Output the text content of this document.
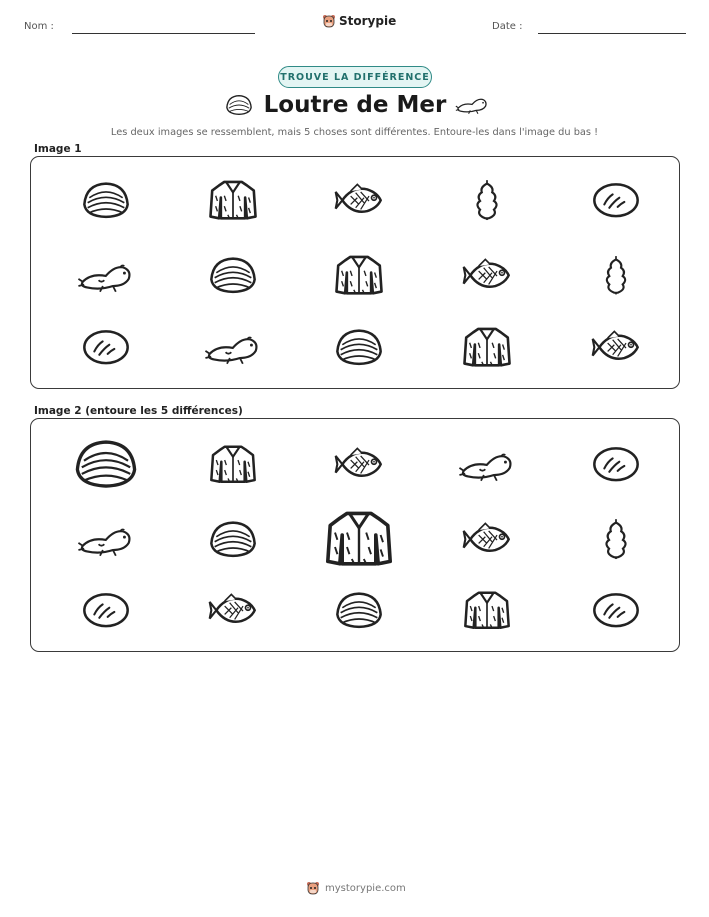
Nom :	Storypie	Date :
TROUVE LA DIFFÉRENCE
Loutre de Mer
Les deux images se ressemblent, mais 5 choses sont différentes. Entoure-les dans l'image du bas !
Image 1
Image 2 (entoure les 5 différences)
mystorypie.com
